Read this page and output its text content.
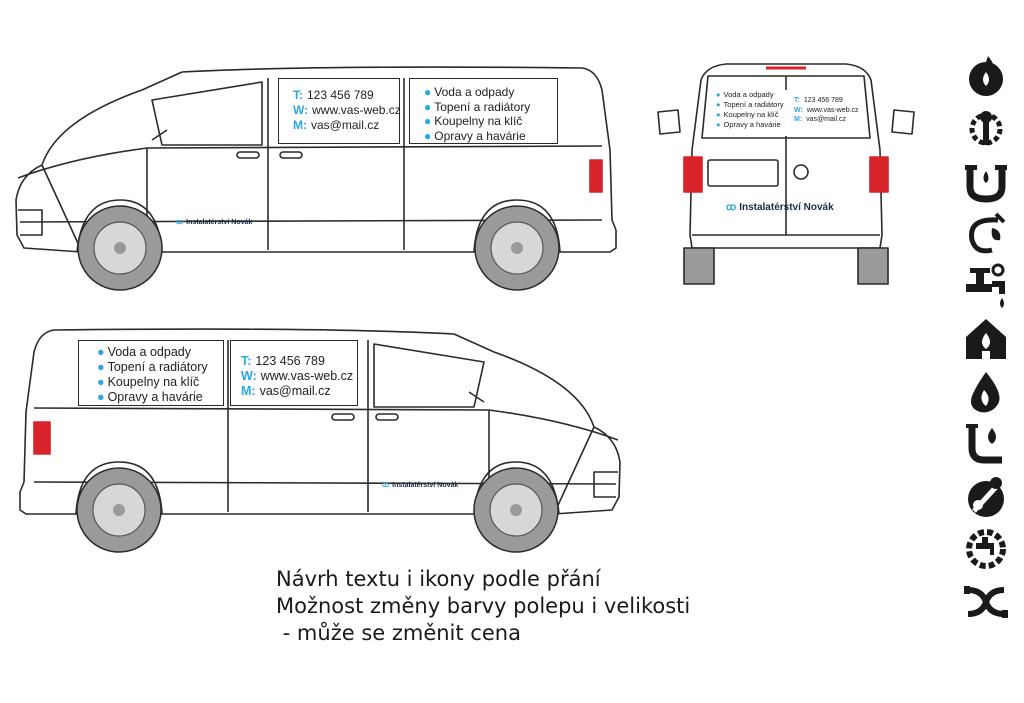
T: 123 456 789
W: www.vas-web.cz
M: vas@mail.cz
● Voda a odpady
● Topení a radiátory
● Koupelny na klíč
● Opravy a havárie
ꝏ Instalatérství Novák
● Voda a odpady
● Topení a radiátory
● Koupelny na klíč
● Opravy a havárie
T: 123 456 789
W: www.vas-web.cz
M: vas@mail.cz
ꝏ Instalatérství Novák
● Voda a odpady
● Topení a radiátory
● Koupelny na klíč
● Opravy a havárie
T: 123 456 789
W: www.vas-web.cz
M: vas@mail.cz
ꝏ Instalatérství Novák
Návrh textu i ikony podle přání
Možnost změny barvy polepu i velikosti
- může se změnit cena
